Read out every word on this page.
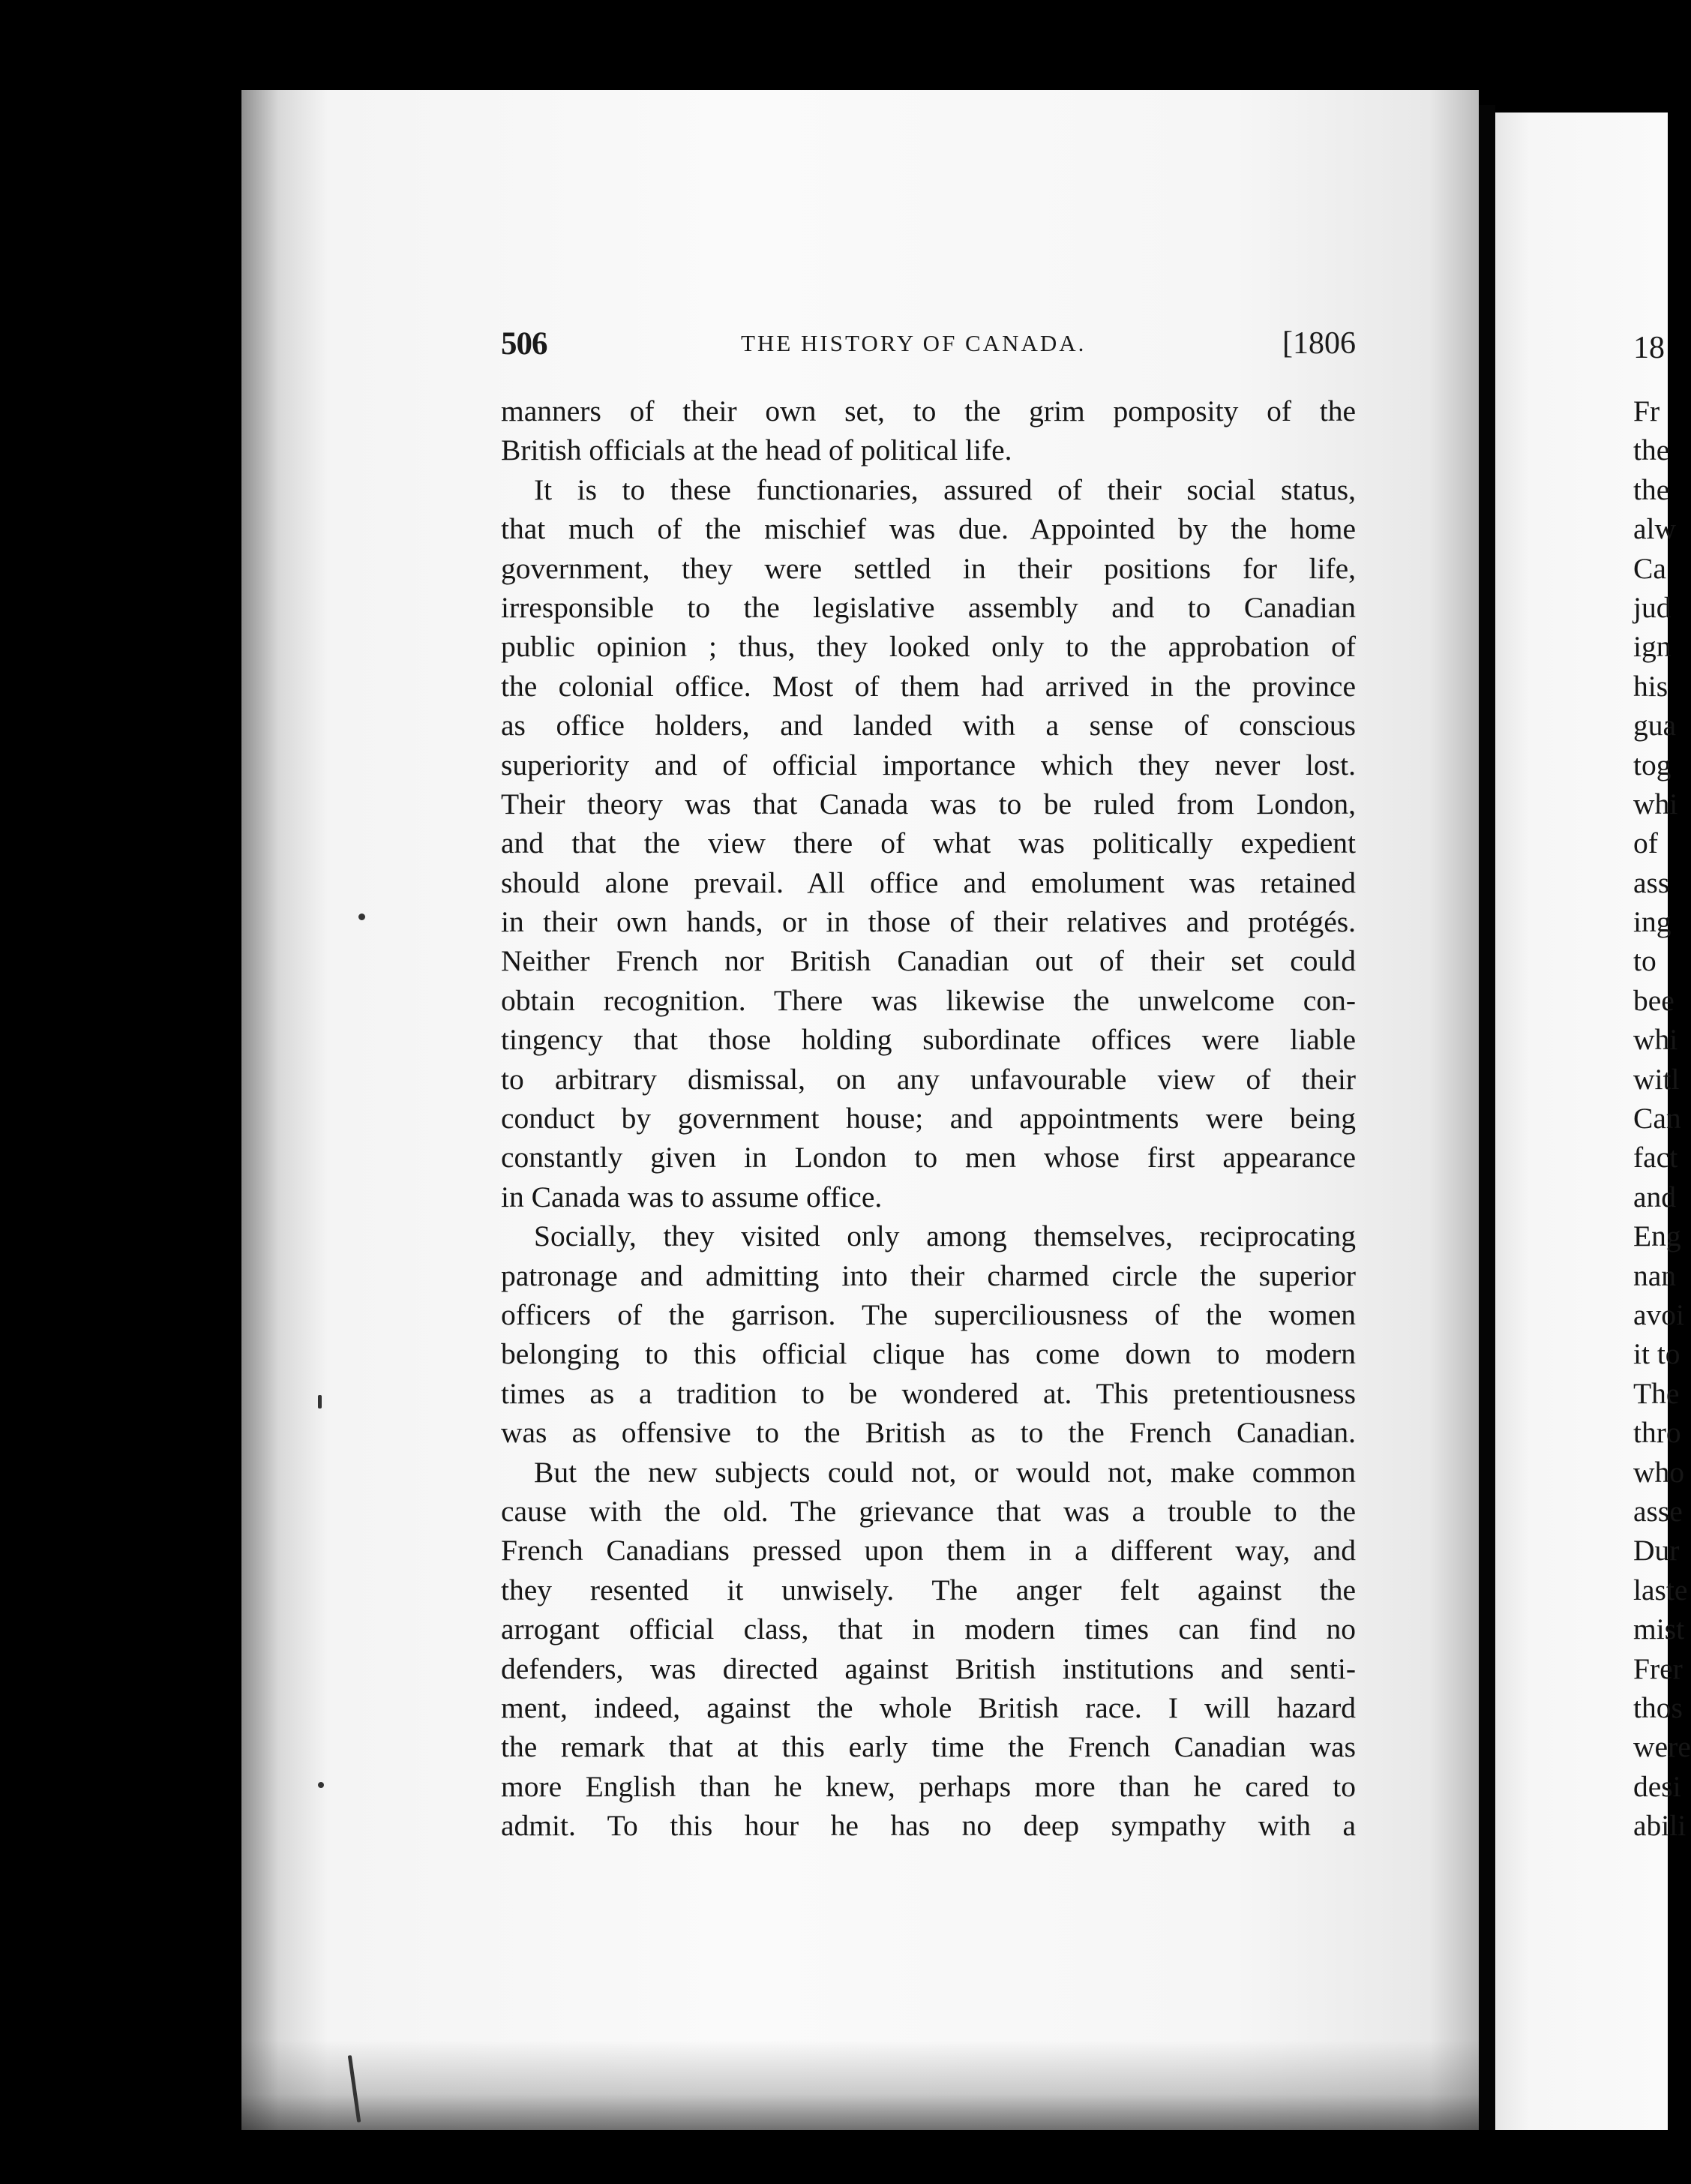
506	THE HISTORY OF CANADA.	[1806
manners of their own set, to the grim pomposity of the
British officials at the head of political life.
It is to these functionaries, assured of their social status,
that much of the mischief was due. Appointed by the home
government, they were settled in their positions for life,
irresponsible to the legislative assembly and to Canadian
public opinion ; thus, they looked only to the approbation of
the colonial office. Most of them had arrived in the province
as office holders, and landed with a sense of conscious
superiority and of official importance which they never lost.
Their theory was that Canada was to be ruled from London,
and that the view there of what was politically expedient
should alone prevail. All office and emolument was retained
in their own hands, or in those of their relatives and protégés.
Neither French nor British Canadian out of their set could
obtain recognition. There was likewise the unwelcome con-
tingency that those holding subordinate offices were liable
to arbitrary dismissal, on any unfavourable view of their
conduct by government house; and appointments were being
constantly given in London to men whose first appearance
in Canada was to assume office.
Socially, they visited only among themselves, reciprocating
patronage and admitting into their charmed circle the superior
officers of the garrison. The superciliousness of the women
belonging to this official clique has come down to modern
times as a tradition to be wondered at. This pretentiousness
was as offensive to the British as to the French Canadian.
But the new subjects could not, or would not, make common
cause with the old. The grievance that was a trouble to the
French Canadians pressed upon them in a different way, and
they resented it unwisely. The anger felt against the
arrogant official class, that in modern times can find no
defenders, was directed against British institutions and senti-
ment, indeed, against the whole British race. I will hazard
the remark that at this early time the French Canadian was
more English than he knew, perhaps more than he cared to
admit. To this hour he has no deep sympathy with a
18
Fr
the
the
alw
Ca
jud
ign
his
gua
tog
whi
of
ass
ing
to
bee
whi
witl
Can
fact
and
Eng
nan
avoi
it to
The
thro
who
asse
Dur
laste
mist
Frer
thos
were
desi
abili
